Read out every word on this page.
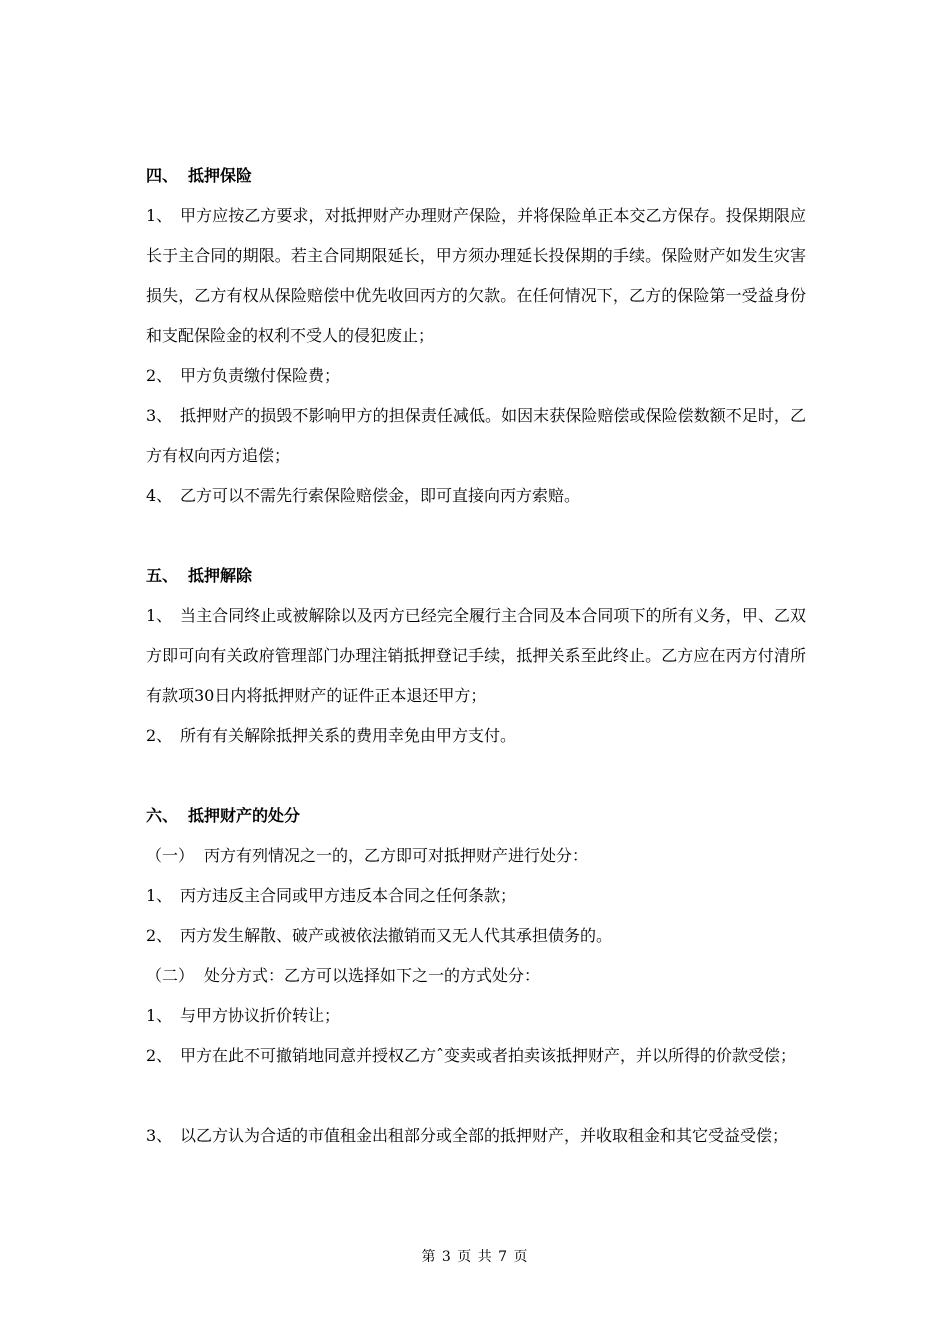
四、 抵押保险
1、 甲方应按乙方要求，对抵押财产办理财产保险，并将保险单正本交乙方保存。投保期限应长于主合同的期限。若主合同期限延长，甲方须办理延长投保期的手续。保险财产如发生灾害损失，乙方有权从保险赔偿中优先收回丙方的欠款。在任何情况下，乙方的保险第一受益身份和支配保险金的权利不受人的侵犯废止；
2、 甲方负责缴付保险费；
3、 抵押财产的损毁不影响甲方的担保责任减低。如因末获保险赔偿或保险偿数额不足时，乙方有权向丙方追偿；
4、 乙方可以不需先行索保险赔偿金，即可直接向丙方索赔。
五、 抵押解除
1、 当主合同终止或被解除以及丙方已经完全履行主合同及本合同项下的所有义务，甲、乙双方即可向有关政府管理部门办理注销抵押登记手续，抵押关系至此终止。乙方应在丙方付清所有款项30日内将抵押财产的证件正本退还甲方；
2、 所有有关解除抵押关系的费用幸免由甲方支付。
六、 抵押财产的处分
（一） 丙方有列情况之一的，乙方即可对抵押财产进行处分：
1、 丙方违反主合同或甲方违反本合同之任何条款；
2、 丙方发生解散、破产或被依法撤销而又无人代其承担债务的。
（二） 处分方式：乙方可以选择如下之一的方式处分：
1、 与甲方协议折价转让；
2、 甲方在此不可撤销地同意并授权乙方ˆ变卖或者拍卖该抵押财产，并以所得的价款受偿；
3、 以乙方认为合适的市值租金出租部分或全部的抵押财产，并收取租金和其它受益受偿；
第 3 页 共 7 页
